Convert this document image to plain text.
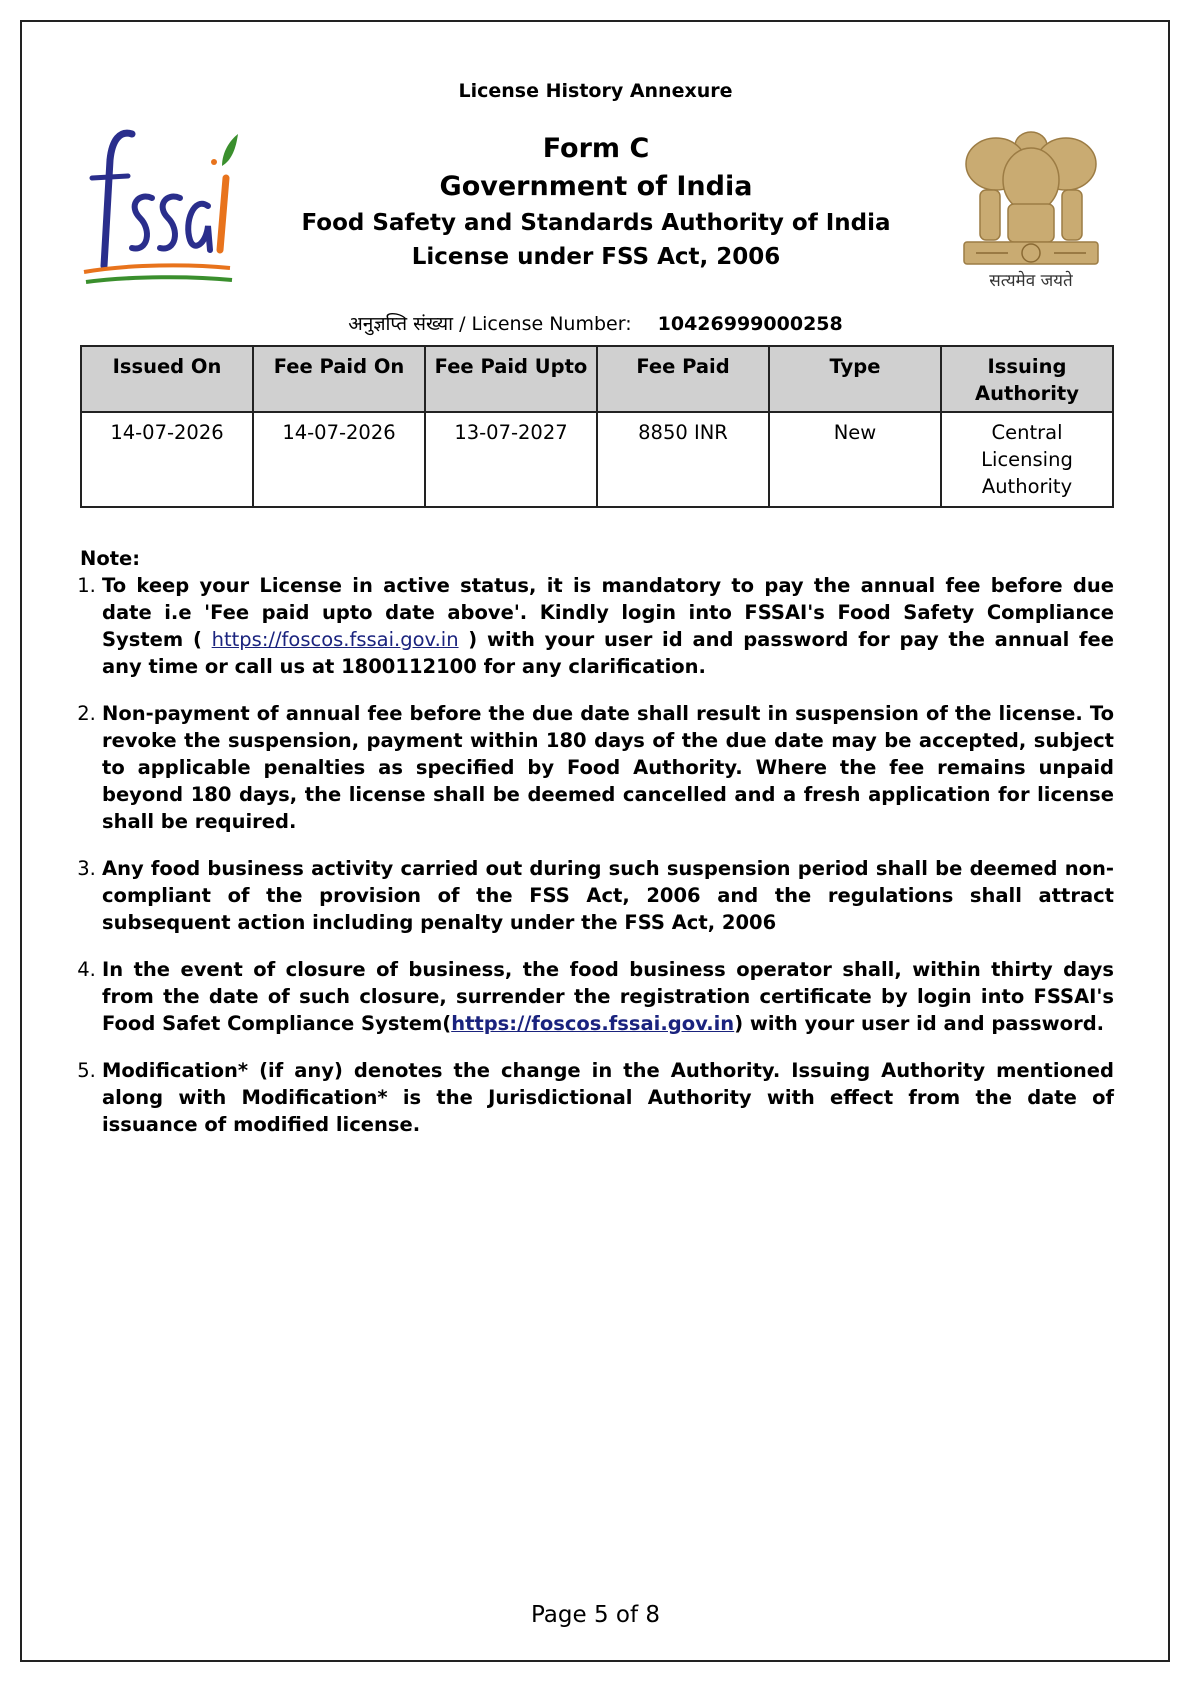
License History Annexure
Form C
Government of India
Food Safety and Standards Authority of India
License under FSS Act, 2006
सत्यमेव जयते
अनुज्ञप्ति संख्या / License Number: 10426999000258
Issued On	Fee Paid On	Fee Paid Upto	Fee Paid	Type	Issuing Authority
14-07-2026	14-07-2026	13-07-2027	8850 INR	New	Central Licensing Authority
Note:
1. To keep your License in active status, it is mandatory to pay the annual fee before due date i.e 'Fee paid upto date above'. Kindly login into FSSAI's Food Safety Compliance System ( https://foscos.fssai.gov.in ) with your user id and password for pay the annual fee any time or call us at 1800112100 for any clarification.
2. Non-payment of annual fee before the due date shall result in suspension of the license. To revoke the suspension, payment within 180 days of the due date may be accepted, subject to applicable penalties as specified by Food Authority. Where the fee remains unpaid beyond 180 days, the license shall be deemed cancelled and a fresh application for license shall be required.
3. Any food business activity carried out during such suspension period shall be deemed non-compliant of the provision of the FSS Act, 2006 and the regulations shall attract subsequent action including penalty under the FSS Act, 2006
4. In the event of closure of business, the food business operator shall, within thirty days from the date of such closure, surrender the registration certificate by login into FSSAI's Food Safet Compliance System(https://foscos.fssai.gov.in) with your user id and password.
5. Modification* (if any) denotes the change in the Authority. Issuing Authority mentioned along with Modification* is the Jurisdictional Authority with effect from the date of issuance of modified license.
Page 5 of 8
